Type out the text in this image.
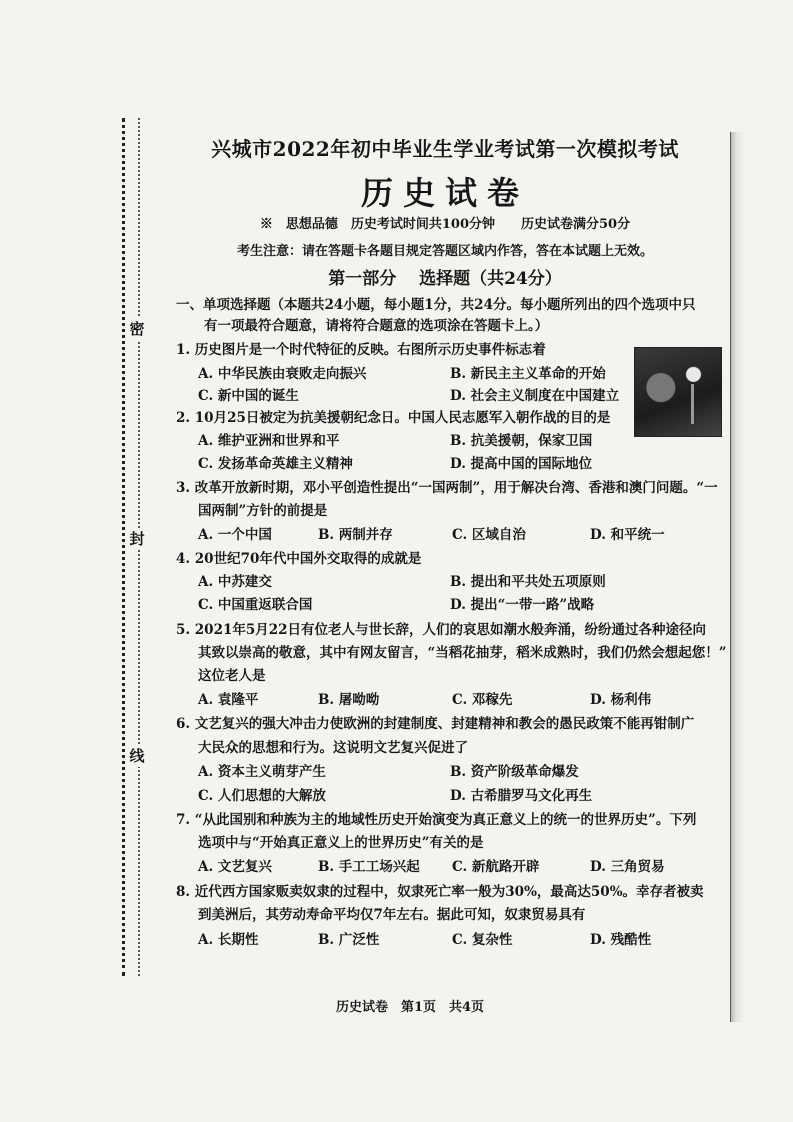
密
封
线
兴城市2022年初中毕业生学业考试第一次模拟考试
历史试卷
※　思想品德　历史考试时间共100分钟　　历史试卷满分50分
考生注意：请在答题卡各题目规定答题区域内作答，答在本试题上无效。
第一部分　 选择题（共24分）
一、单项选择题（本题共24小题，每小题1分，共24分。每小题所列出的四个选项中只
有一项最符合题意，请将符合题意的选项涂在答题卡上。）
1. 历史图片是一个时代特征的反映。右图所示历史事件标志着
A. 中华民族由衰败走向振兴	B. 新民主主义革命的开始
C. 新中国的诞生	D. 社会主义制度在中国建立
2. 10月25日被定为抗美援朝纪念日。中国人民志愿军入朝作战的目的是
A. 维护亚洲和世界和平	B. 抗美援朝，保家卫国
C. 发扬革命英雄主义精神	D. 提高中国的国际地位
3. 改革开放新时期，邓小平创造性提出“一国两制”，用于解决台湾、香港和澳门问题。“一
国两制”方针的前提是
A. 一个中国	B. 两制并存	C. 区域自治	D. 和平统一
4. 20世纪70年代中国外交取得的成就是
A. 中苏建交	B. 提出和平共处五项原则
C. 中国重返联合国	D. 提出“一带一路”战略
5. 2021年5月22日有位老人与世长辞，人们的哀思如潮水般奔涌，纷纷通过各种途径向
其致以崇高的敬意，其中有网友留言，“当稻花抽芽，稻米成熟时，我们仍然会想起您！”
这位老人是
A. 袁隆平	B. 屠呦呦	C. 邓稼先	D. 杨利伟
6. 文艺复兴的强大冲击力使欧洲的封建制度、封建精神和教会的愚民政策不能再钳制广
大民众的思想和行为。这说明文艺复兴促进了
A. 资本主义萌芽产生	B. 资产阶级革命爆发
C. 人们思想的大解放	D. 古希腊罗马文化再生
7. “从此国别和种族为主的地域性历史开始演变为真正意义上的统一的世界历史”。下列
选项中与“开始真正意义上的世界历史”有关的是
A. 文艺复兴	B. 手工工场兴起 C. 新航路开辟	D. 三角贸易
8. 近代西方国家贩卖奴隶的过程中，奴隶死亡率一般为30%，最高达50%。幸存者被卖
到美洲后，其劳动寿命平均仅7年左右。据此可知，奴隶贸易具有
A. 长期性	B. 广泛性	C. 复杂性	D. 残酷性
历史试卷　第1页　共4页
